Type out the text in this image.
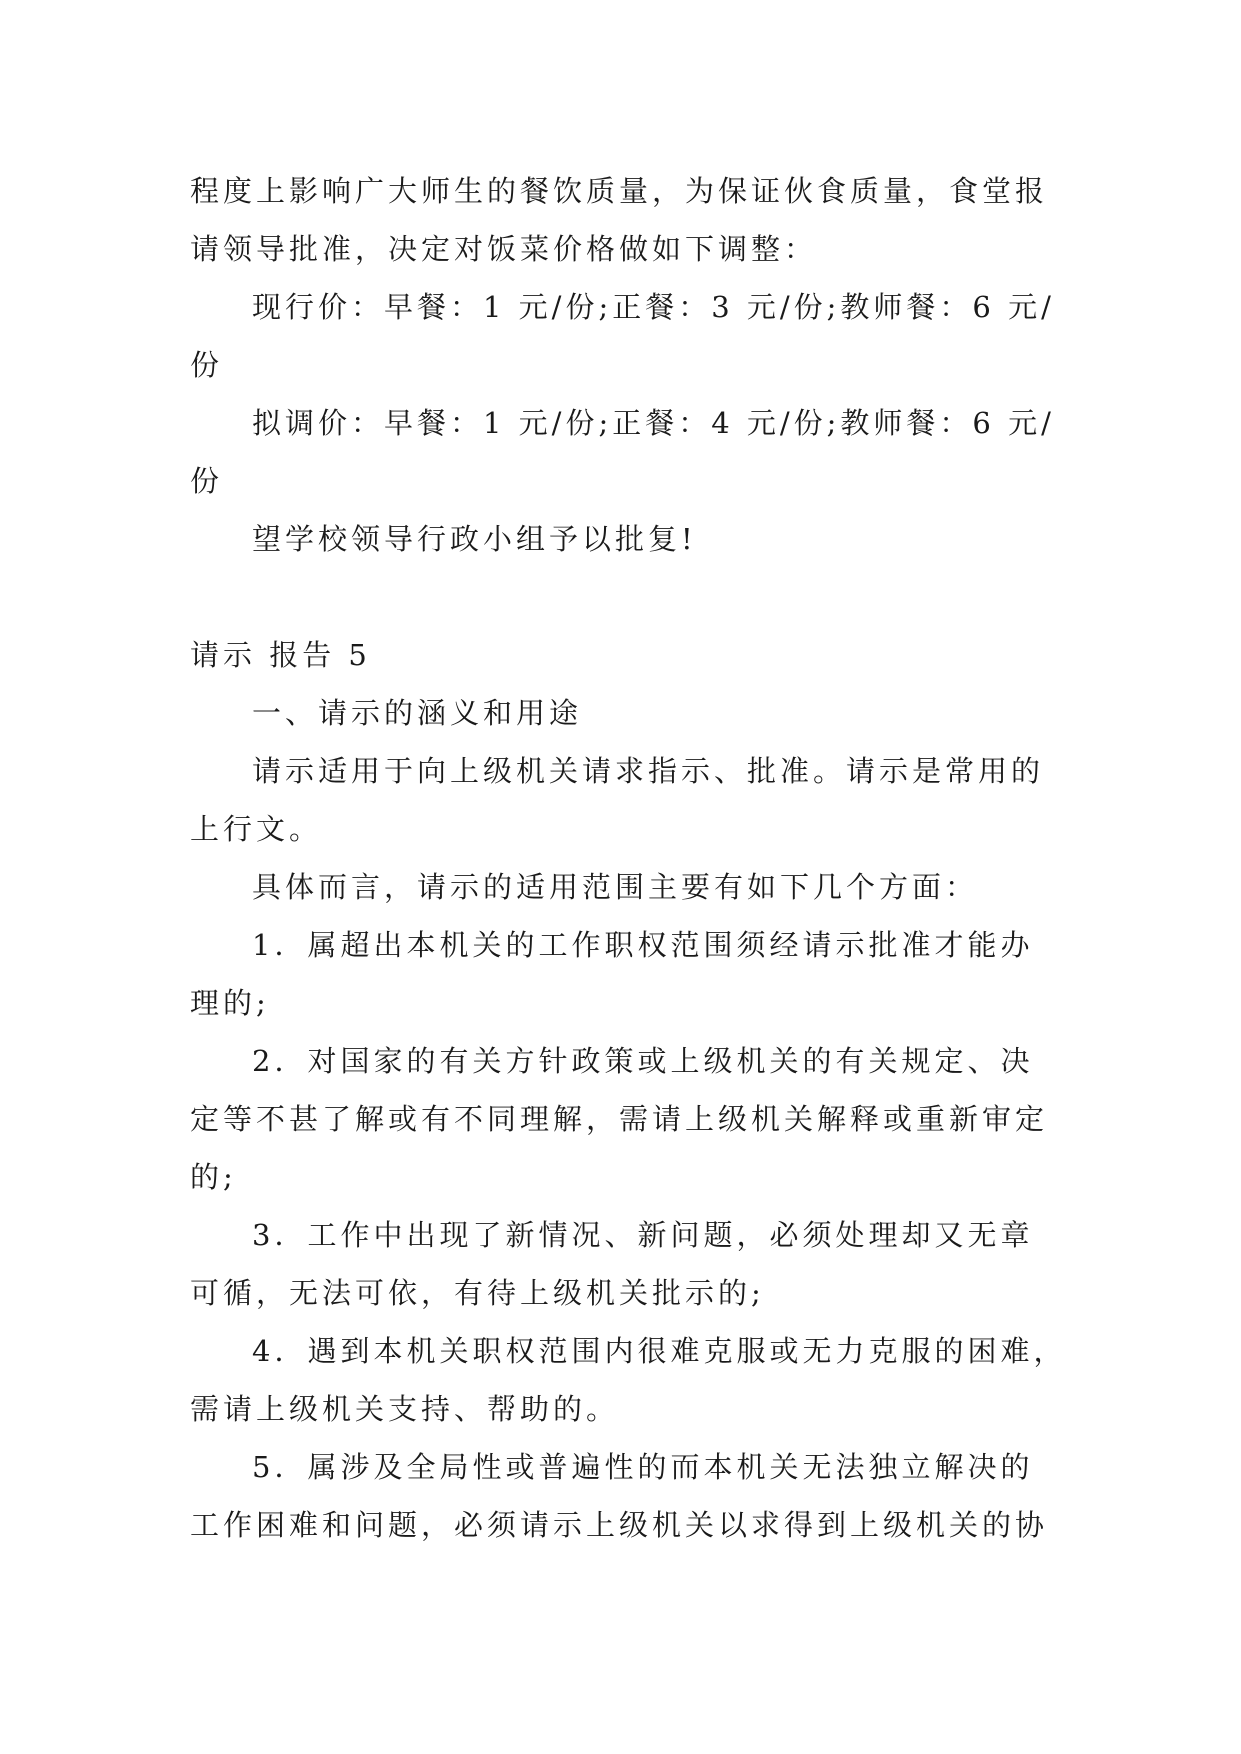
程度上影响广大师生的餐饮质量，为保证伙食质量，食堂报
请领导批准，决定对饭菜价格做如下调整：
现行价：早餐：1 元/份;正餐：3 元/份;教师餐：6 元/
份
拟调价：早餐：1 元/份;正餐：4 元/份;教师餐：6 元/
份
望学校领导行政小组予以批复!
请示 报告 5
一、请示的涵义和用途
请示适用于向上级机关请求指示、批准。请示是常用的
上行文。
具体而言，请示的适用范围主要有如下几个方面：
1．属超出本机关的工作职权范围须经请示批准才能办
理的;
2．对国家的有关方针政策或上级机关的有关规定、决
定等不甚了解或有不同理解，需请上级机关解释或重新审定
的;
3．工作中出现了新情况、新问题，必须处理却又无章
可循，无法可依，有待上级机关批示的;
4．遇到本机关职权范围内很难克服或无力克服的困难，
需请上级机关支持、帮助的。
5．属涉及全局性或普遍性的而本机关无法独立解决的
工作困难和问题，必须请示上级机关以求得到上级机关的协
